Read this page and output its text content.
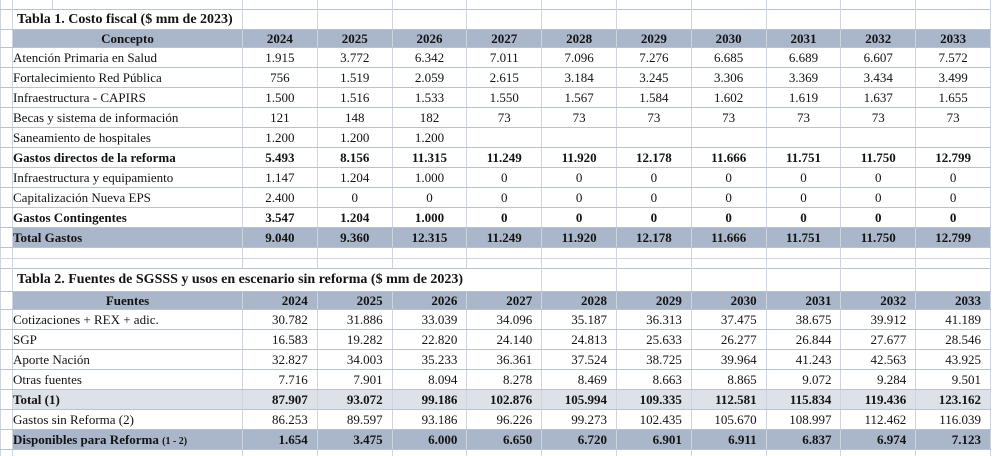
	Tabla 1. Costo fiscal ($ mm de 2023)										
	Concepto	2024	2025	2026	2027	2028	2029	2030	2031	2032	2033
	Atención Primaria en Salud	1.915	3.772	6.342	7.011	7.096	7.276	6.685	6.689	6.607	7.572
	Fortalecimiento Red Pública	756	1.519	2.059	2.615	3.184	3.245	3.306	3.369	3.434	3.499
	Infraestructura - CAPIRS	1.500	1.516	1.533	1.550	1.567	1.584	1.602	1.619	1.637	1.655
	Becas y sistema de información	121	148	182	73	73	73	73	73	73	73
	Saneamiento de hospitales	1.200	1.200	1.200							
	Gastos directos de la reforma	5.493	8.156	11.315	11.249	11.920	12.178	11.666	11.751	11.750	12.799
	Infraestructura y equipamiento	1.147	1.204	1.000	0	0	0	0	0	0	0
	Capitalización Nueva EPS	2.400	0	0	0	0	0	0	0	0	0
	Gastos Contingentes	3.547	1.204	1.000	0	0	0	0	0	0	0
	Total Gastos	9.040	9.360	12.315	11.249	11.920	12.178	11.666	11.751	11.750	12.799

	Tabla 2. Fuentes de SGSSS y usos en escenario sin reforma ($ mm de 2023)										
	Fuentes	2024	2025	2026	2027	2028	2029	2030	2031	2032	2033
	Cotizaciones + REX + adic.	30.782	31.886	33.039	34.096	35.187	36.313	37.475	38.675	39.912	41.189
	SGP	16.583	19.282	22.820	24.140	24.813	25.633	26.277	26.844	27.677	28.546
	Aporte Nación	32.827	34.003	35.233	36.361	37.524	38.725	39.964	41.243	42.563	43.925
	Otras fuentes	7.716	7.901	8.094	8.278	8.469	8.663	8.865	9.072	9.284	9.501
	Total (1)	87.907	93.072	99.186	102.876	105.994	109.335	112.581	115.834	119.436	123.162
	Gastos sin Reforma (2)	86.253	89.597	93.186	96.226	99.273	102.435	105.670	108.997	112.462	116.039
	Disponibles para Reforma (1 - 2)	1.654	3.475	6.000	6.650	6.720	6.901	6.911	6.837	6.974	7.123
